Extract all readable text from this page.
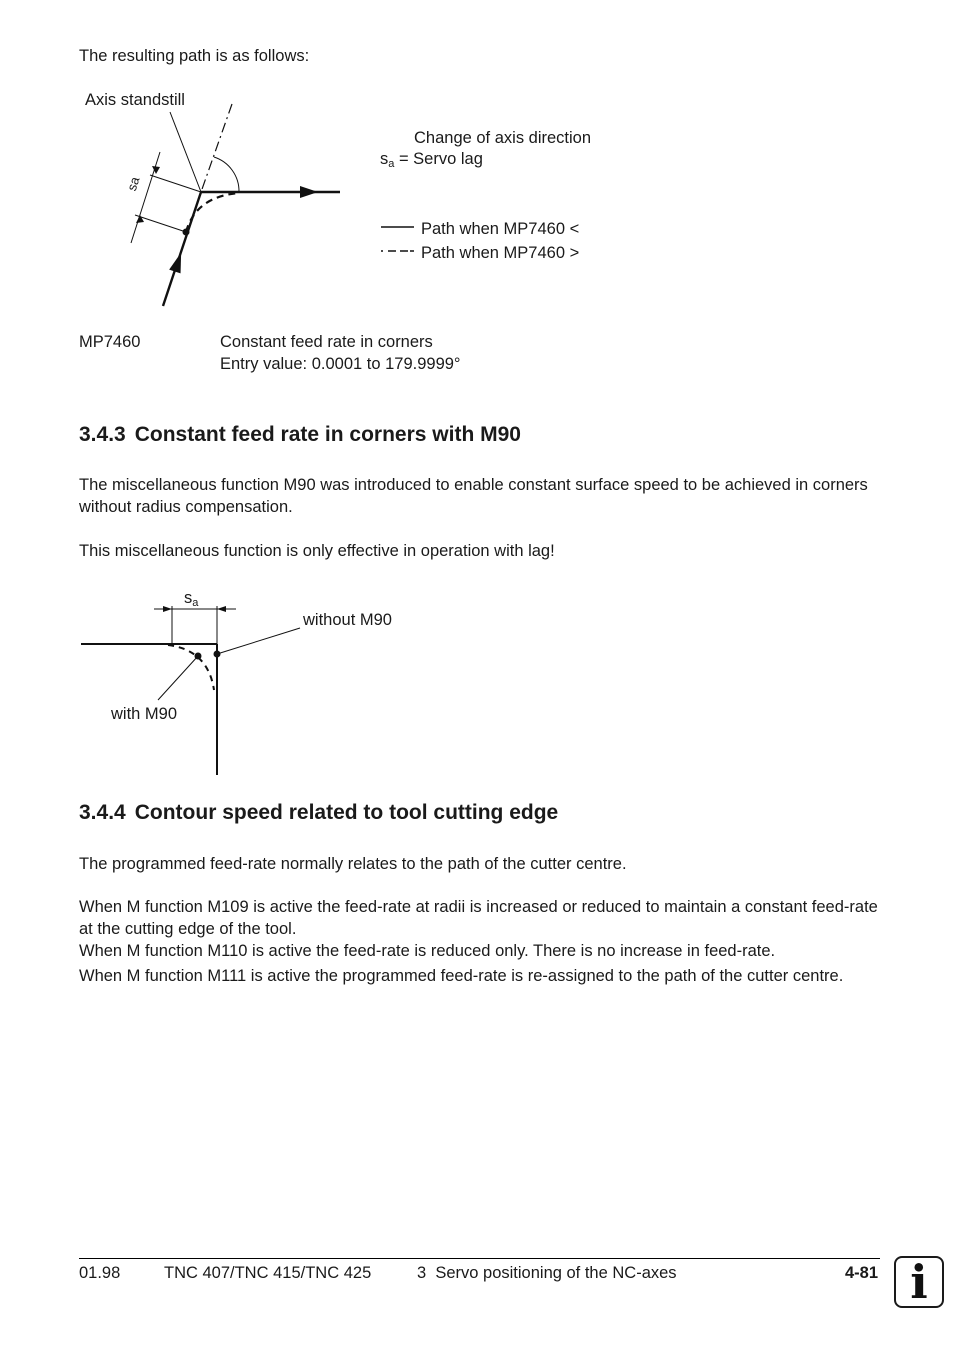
The resulting path is as follows:
Axis standstill
Change of axis direction
$s_a$ = Servo lag
sa
Path when MP7460 <
Path when MP7460 >
MP7460	Constant feed rate in corners
Entry value: 0.0001 to 179.9999°
3.4.3 Constant feed rate in corners with M90
The miscellaneous function M90 was introduced to enable constant surface speed to be achieved in corners without radius compensation.
This miscellaneous function is only effective in operation with lag!
$s_a$
without M90
with M90
3.4.4 Contour speed related to tool cutting edge
The programmed feed-rate normally relates to the path of the cutter centre.
When M function M109 is active the feed-rate at radii is increased or reduced to maintain a constant feed-rate at the cutting edge of the tool.
When M function M110 is active the feed-rate is reduced only. There is no increase in feed-rate.
When M function M111 is active the programmed feed-rate is re-assigned to the path of the cutter centre.
01.98	TNC 407/TNC 415/TNC 425	3  Servo positioning of the NC-axes	4-81 i
